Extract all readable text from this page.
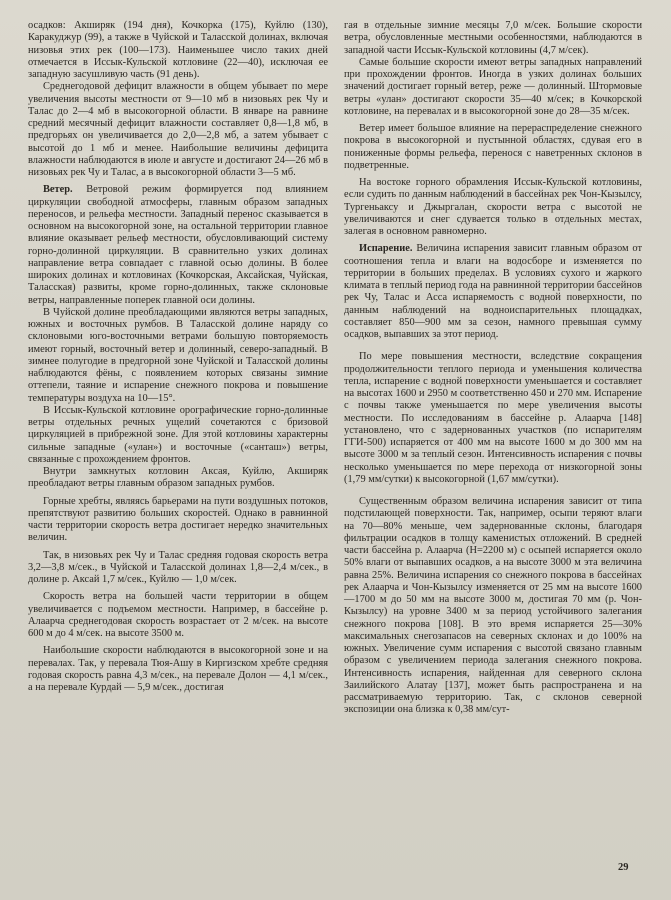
осадков: Акширяк (194 дня), Кочкорка (175), Куйлю (130), Каракуджур (99), а также в Чуйской и Таласской долинах, включая низовья этих рек (100—173). Наименьшее число таких дней отмечается в Иссык-Кульской котловине (22—40), исключая ее западную засушливую часть (91 день).

Среднегодовой дефицит влажности в общем убывает по мере увеличения высоты местности от 9—10 мб в низовьях рек Чу и Талас до 2—4 мб в высокогорной области. В январе на равнине средний месячный дефицит влажности составляет 0,8—1,8 мб, в предгорьях он увеличивается до 2,0—2,8 мб, а затем убывает с высотой до 1 мб и менее. Наибольшие величины дефицита влажности наблюдаются в июле и августе и достигают 24—26 мб в низовьях рек Чу и Талас, а в высокогорной области 3—5 мб.

Ветер. Ветровой режим формируется под влиянием циркуляции свободной атмосферы, главным образом западных переносов, и рельефа местности. Западный перенос сказывается в основном на высокогорной зоне, на остальной территории главное влияние оказывает рельеф местности, обусловливающий систему горно-долинной циркуляции. В сравнительно узких долинах направление ветра совпадает с главной осью долины. В более широких долинах и котловинах (Кочкорская, Аксайская, Чуйская, Таласская) развиты, кроме горно-долинных, также склоновые ветры, направленные поперек главной оси долины.

В Чуйской долине преобладающими являются ветры западных, южных и восточных румбов. В Таласской долине наряду со склоновыми юго-восточными ветрами большую повторяемость имеют горный, восточный ветер и долинный, северо-западный. В зимнее полугодие в предгорной зоне Чуйской и Таласской долины наблюдаются фёны, с появлением которых связаны зимние оттепели, таяние и испарение снежного покрова и повышение температуры воздуха на 10—15°.

В Иссык-Кульской котловине орографические горно-долинные ветры отдельных речных ущелий сочетаются с бризовой циркуляцией в прибрежной зоне. Для этой котловины характерны сильные западные («улан») и восточные («санташ») ветры, связанные с прохождением фронтов.

Внутри замкнутых котловин Аксая, Куйлю, Акширяк преобладают ветры главным образом западных румбов.

Горные хребты, являясь барьерами на пути воздушных потоков, препятствуют развитию больших скоростей. Однако в равнинной части территории скорость ветра достигает нередко значительных величин.

Так, в низовьях рек Чу и Талас средняя годовая скорость ветра 3,2—3,8 м/сек., в Чуйской и Таласской долинах 1,8—2,4 м/сек., в долине р. Аксай 1,7 м/сек., Куйлю — 1,0 м/сек.

Скорость ветра на большей части территории в общем увеличивается с подъемом местности. Например, в бассейне р. Алаарча среднегодовая скорость возрастает от 2 м/сек. на высоте 600 м до 4 м/сек. на высоте 3500 м.

Наибольшие скорости наблюдаются в высокогорной зоне и на перевалах. Так, у перевала Тюя-Ашу в Киргизском хребте средняя годовая скорость равна 4,3 м/сек., на перевале Долон — 4,1 м/сек., а на перевале Курдай — 5,9 м/сек., достигая

гая в отдельные зимние месяцы 7,0 м/сек. Большие скорости ветра, обусловленные местными особенностями, наблюдаются в западной части Иссык-Кульской котловины (4,7 м/сек).

Самые большие скорости имеют ветры западных направлений при прохождении фронтов. Иногда в узких долинах больших значений достигает горный ветер, реже — долинный. Штормовые ветры «улан» достигают скорости 35—40 м/сек; в Кочкорской котловине, на перевалах и в высокогорной зоне до 28—35 м/сек.

Ветер имеет большое влияние на перераспределение снежного покрова в высокогорной и пустынной областях, сдувая его в пониженные формы рельефа, перенося с наветренных склонов в подветренные.

На востоке горного обрамления Иссык-Кульской котловины, если судить по данным наблюдений в бассейнах рек Чон-Кызылсу, Тургеньаксу и Джыргалан, скорости ветра с высотой не увеличиваются и снег сдувается только в отдельных местах, залегая в основном равномерно.

Испарение. Величина испарения зависит главным образом от соотношения тепла и влаги на водосборе и изменяется по территории в больших пределах. В условиях сухого и жаркого климата в теплый период года на равнинной территории бассейнов рек Чу, Талас и Асса испаряемость с водной поверхности, по данным наблюдений на водноиспарительных площадках, составляет 850—900 мм за сезон, намного превышая сумму осадков, выпавших за этот период.

По мере повышения местности, вследствие сокращения продолжительности теплого периода и уменьшения количества тепла, испарение с водной поверхности уменьшается и составляет на высотах 1600 и 2950 м соответственно 450 и 270 мм. Испарение с почвы также уменьшается по мере увеличения высоты местности. По исследованиям в бассейне р. Алаарча [148] установлено, что с задернованных участков (по испарителям ГГИ-500) испаряется от 400 мм на высоте 1600 м до 300 мм на высоте 3000 м за теплый сезон. Интенсивность испарения с почвы несколько уменьшается по мере перехода от низкогорной зоны (1,79 мм/сутки) к высокогорной (1,67 мм/сутки).

Существенным образом величина испарения зависит от типа подстилающей поверхности. Так, например, осыпи теряют влаги на 70—80% меньше, чем задернованные склоны, благодаря фильтрации осадков в толщу каменистых отложений. В средней части бассейна р. Алаарча (H=2200 м) с осыпей испаряется около 50% влаги от выпавших осадков, а на высоте 3000 м эта величина равна 25%. Величина испарения со снежного покрова в бассейнах рек Алаарча и Чон-Кызылсу изменяется от 25 мм на высоте 1600—1700 м до 50 мм на высоте 3000 м, достигая 70 мм (р. Чон-Кызылсу) на уровне 3400 м за период устойчивого залегания снежного покрова [108]. В это время испаряется 25—30% максимальных снегозапасов на северных склонах и до 100% на южных. Увеличение сумм испарения с высотой связано главным образом с увеличением периода залегания снежного покрова. Интенсивность испарения, найденная для северного склона Заилийского Алатау [137], может быть распространена и на рассматриваемую территорию. Так, с склонов северной экспозиции она близка к 0,38 мм/сут-

29
